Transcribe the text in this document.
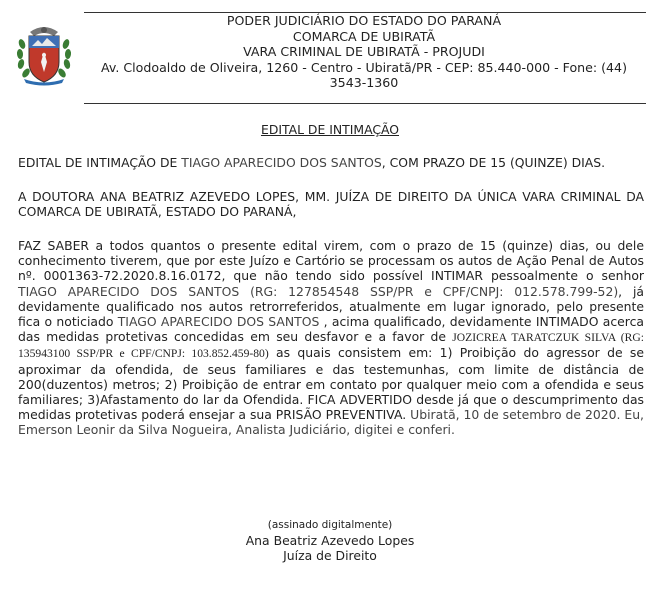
PODER JUDICIÁRIO DO ESTADO DO PARANÁ
COMARCA DE UBIRATÃ
VARA CRIMINAL DE UBIRATÃ - PROJUDI
Av. Clodoaldo de Oliveira, 1260 - Centro - Ubiratã/PR - CEP: 85.440-000 - Fone: (44)
3543-1360
EDITAL DE INTIMAÇÃO
EDITAL DE INTIMAÇÃO DE TIAGO APARECIDO DOS SANTOS, COM PRAZO DE 15 (QUINZE) DIAS.
A DOUTORA ANA BEATRIZ AZEVEDO LOPES, MM. JUÍZA DE DIREITO DA ÚNICA VARA CRIMINAL DA COMARCA DE UBIRATÃ, ESTADO DO PARANÁ,
FAZ SABER a todos quantos o presente edital virem, com o prazo de 15 (quinze) dias, ou dele conhecimento tiverem, que por este Juízo e Cartório se processam os autos de Ação Penal de Autos nº. 0001363-72.2020.8.16.0172, que não tendo sido possível INTIMAR pessoalmente o senhor TIAGO APARECIDO DOS SANTOS (RG: 127854548 SSP/PR e CPF/CNPJ: 012.578.799-52), já devidamente qualificado nos autos retrorreferidos, atualmente em lugar ignorado, pelo presente fica o noticiado TIAGO APARECIDO DOS SANTOS , acima qualificado, devidamente INTIMADO acerca das medidas protetivas concedidas em seu desfavor e a favor de JOZICREA TARATCZUK SILVA (RG: 135943100 SSP/PR e CPF/CNPJ: 103.852.459-80) as quais consistem em: 1) Proibição do agressor de se aproximar da ofendida, de seus familiares e das testemunhas, com limite de distância de 200(duzentos) metros; 2) Proibição de entrar em contato por qualquer meio com a ofendida e seus familiares; 3)Afastamento do lar da Ofendida. FICA ADVERTIDO desde já que o descumprimento das medidas protetivas poderá ensejar a sua PRISÃO PREVENTIVA. Ubiratã, 10 de setembro de 2020. Eu, Emerson Leonir da Silva Nogueira, Analista Judiciário, digitei e conferi.
(assinado digitalmente)
Ana Beatriz Azevedo Lopes
Juíza de Direito
